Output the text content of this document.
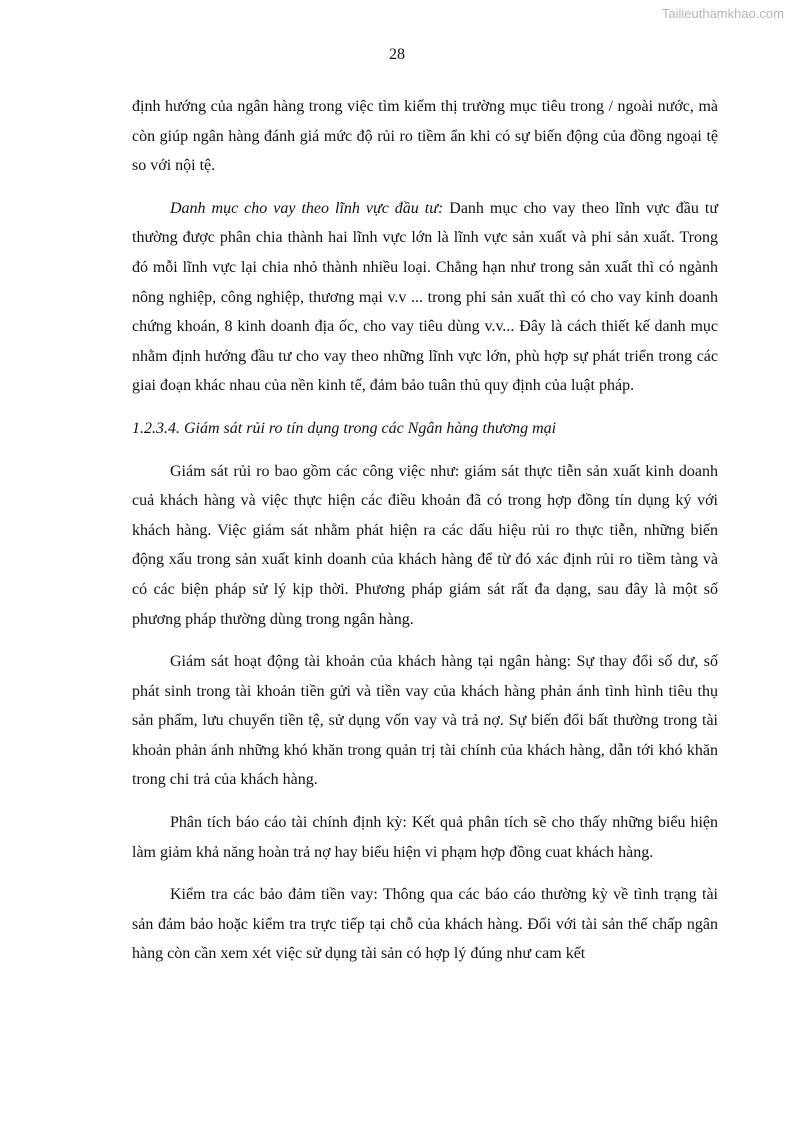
Tailieuthamkhao.com
28

định hướng của ngân hàng trong việc tìm kiếm thị trường mục tiêu trong / ngoài nước, mà còn giúp ngân hàng đánh giá mức độ rủi ro tiềm ẩn khi có sự biến động của đồng ngoại tệ so với nội tệ.

Danh mục cho vay theo lĩnh vực đầu tư: Danh mục cho vay theo lĩnh vực đầu tư thường được phân chia thành hai lĩnh vực lớn là lĩnh vực sản xuất và phi sản xuất. Trong đó mỗi lĩnh vực lại chia nhỏ thành nhiều loại. Chẳng hạn như trong sản xuất thì có ngành nông nghiệp, công nghiệp, thương mại v.v ... trong phi sản xuất thì có cho vay kinh doanh chứng khoán, 8 kinh doanh địa ốc, cho vay tiêu dùng v.v... Đây là cách thiết kế danh mục nhằm định hướng đầu tư cho vay theo những lĩnh vực lớn, phù hợp sự phát triển trong các giai đoạn khác nhau của nền kinh tế, đảm bảo tuân thủ quy định của luật pháp.

1.2.3.4. Giám sát rủi ro tín dụng trong các Ngân hàng thương mại

Giám sát rủi ro bao gồm các công việc như: giám sát thực tiễn sản xuất kinh doanh cuả khách hàng và việc thực hiện các điều khoản đã có trong hợp đồng tín dụng ký với khách hàng. Việc giám sát nhằm phát hiện ra các dấu hiệu rủi ro thực tiễn, những biến động xấu trong sản xuất kinh doanh của khách hàng để từ đó xác định rủi ro tiềm tàng và có các biện pháp sử lý kịp thời. Phương pháp giám sát rất đa dạng, sau đây là một số phương pháp thường dùng trong ngân hàng.

Giám sát hoạt động tài khoản của khách hàng tại ngân hàng: Sự thay đổi số dư, số phát sinh trong tài khoản tiền gửi và tiền vay của khách hàng phản ánh tình hình tiêu thụ sản phẩm, lưu chuyển tiền tệ, sử dụng vốn vay và trả nợ. Sự biến đổi bất thường trong tài khoản phản ánh những khó khăn trong quản trị tài chính của khách hàng, dẫn tới khó khăn trong chi trả của khách hàng.

Phân tích báo cáo tài chính định kỳ: Kết quả phân tích sẽ cho thấy những biểu hiện làm giảm khả năng hoàn trả nợ hay biểu hiện vi phạm hợp đồng cuat khách hàng.

Kiểm tra các bảo đảm tiền vay: Thông qua các báo cáo thường kỳ về tình trạng tài sản đảm bảo hoặc kiểm tra trực tiếp tại chỗ của khách hàng. Đối với tài sản thế chấp ngân hàng còn cần xem xét việc sử dụng tài sản có hợp lý đúng như cam kết
